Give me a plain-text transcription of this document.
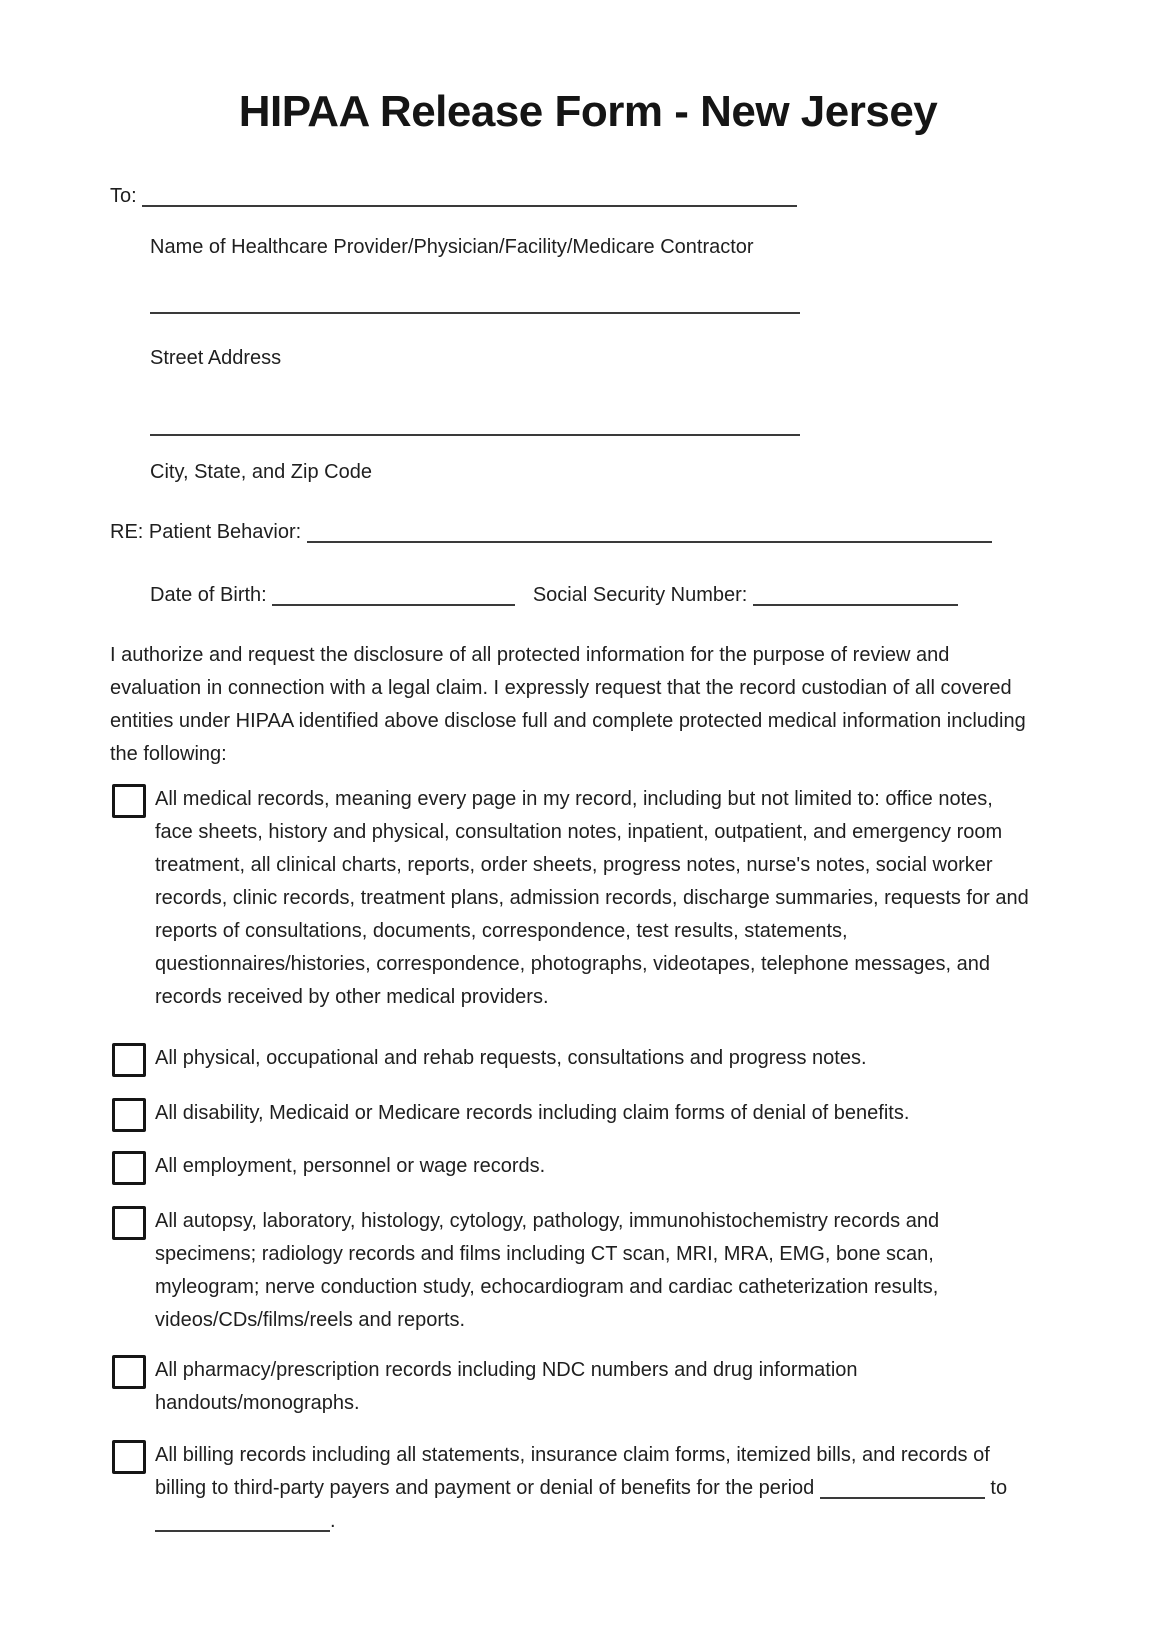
HIPAA Release Form - New Jersey
To:
Name of Healthcare Provider/Physician/Facility/Medicare Contractor
Street Address
City, State, and Zip Code
RE: Patient Behavior:
Date of Birth:	Social Security Number:

I authorize and request the disclosure of all protected information for the purpose of review and evaluation in connection with a legal claim. I expressly request that the record custodian of all covered entities under HIPAA identified above disclose full and complete protected medical information including the following:

All medical records, meaning every page in my record, including but not limited to: office notes, face sheets, history and physical, consultation notes, inpatient, outpatient, and emergency room treatment, all clinical charts, reports, order sheets, progress notes, nurse's notes, social worker records, clinic records, treatment plans, admission records, discharge summaries, requests for and reports of consultations, documents, correspondence, test results, statements, questionnaires/histories, correspondence, photographs, videotapes, telephone messages, and records received by other medical providers.
All physical, occupational and rehab requests, consultations and progress notes.
All disability, Medicaid or Medicare records including claim forms of denial of benefits.
All employment, personnel or wage records.
All autopsy, laboratory, histology, cytology, pathology, immunohistochemistry records and specimens; radiology records and films including CT scan, MRI, MRA, EMG, bone scan, myleogram; nerve conduction study, echocardiogram and cardiac catheterization results, videos/CDs/films/reels and reports.
All pharmacy/prescription records including NDC numbers and drug information handouts/monographs.
All billing records including all statements, insurance claim forms, itemized bills, and records of billing to third-party payers and payment or denial of benefits for the period	to .
